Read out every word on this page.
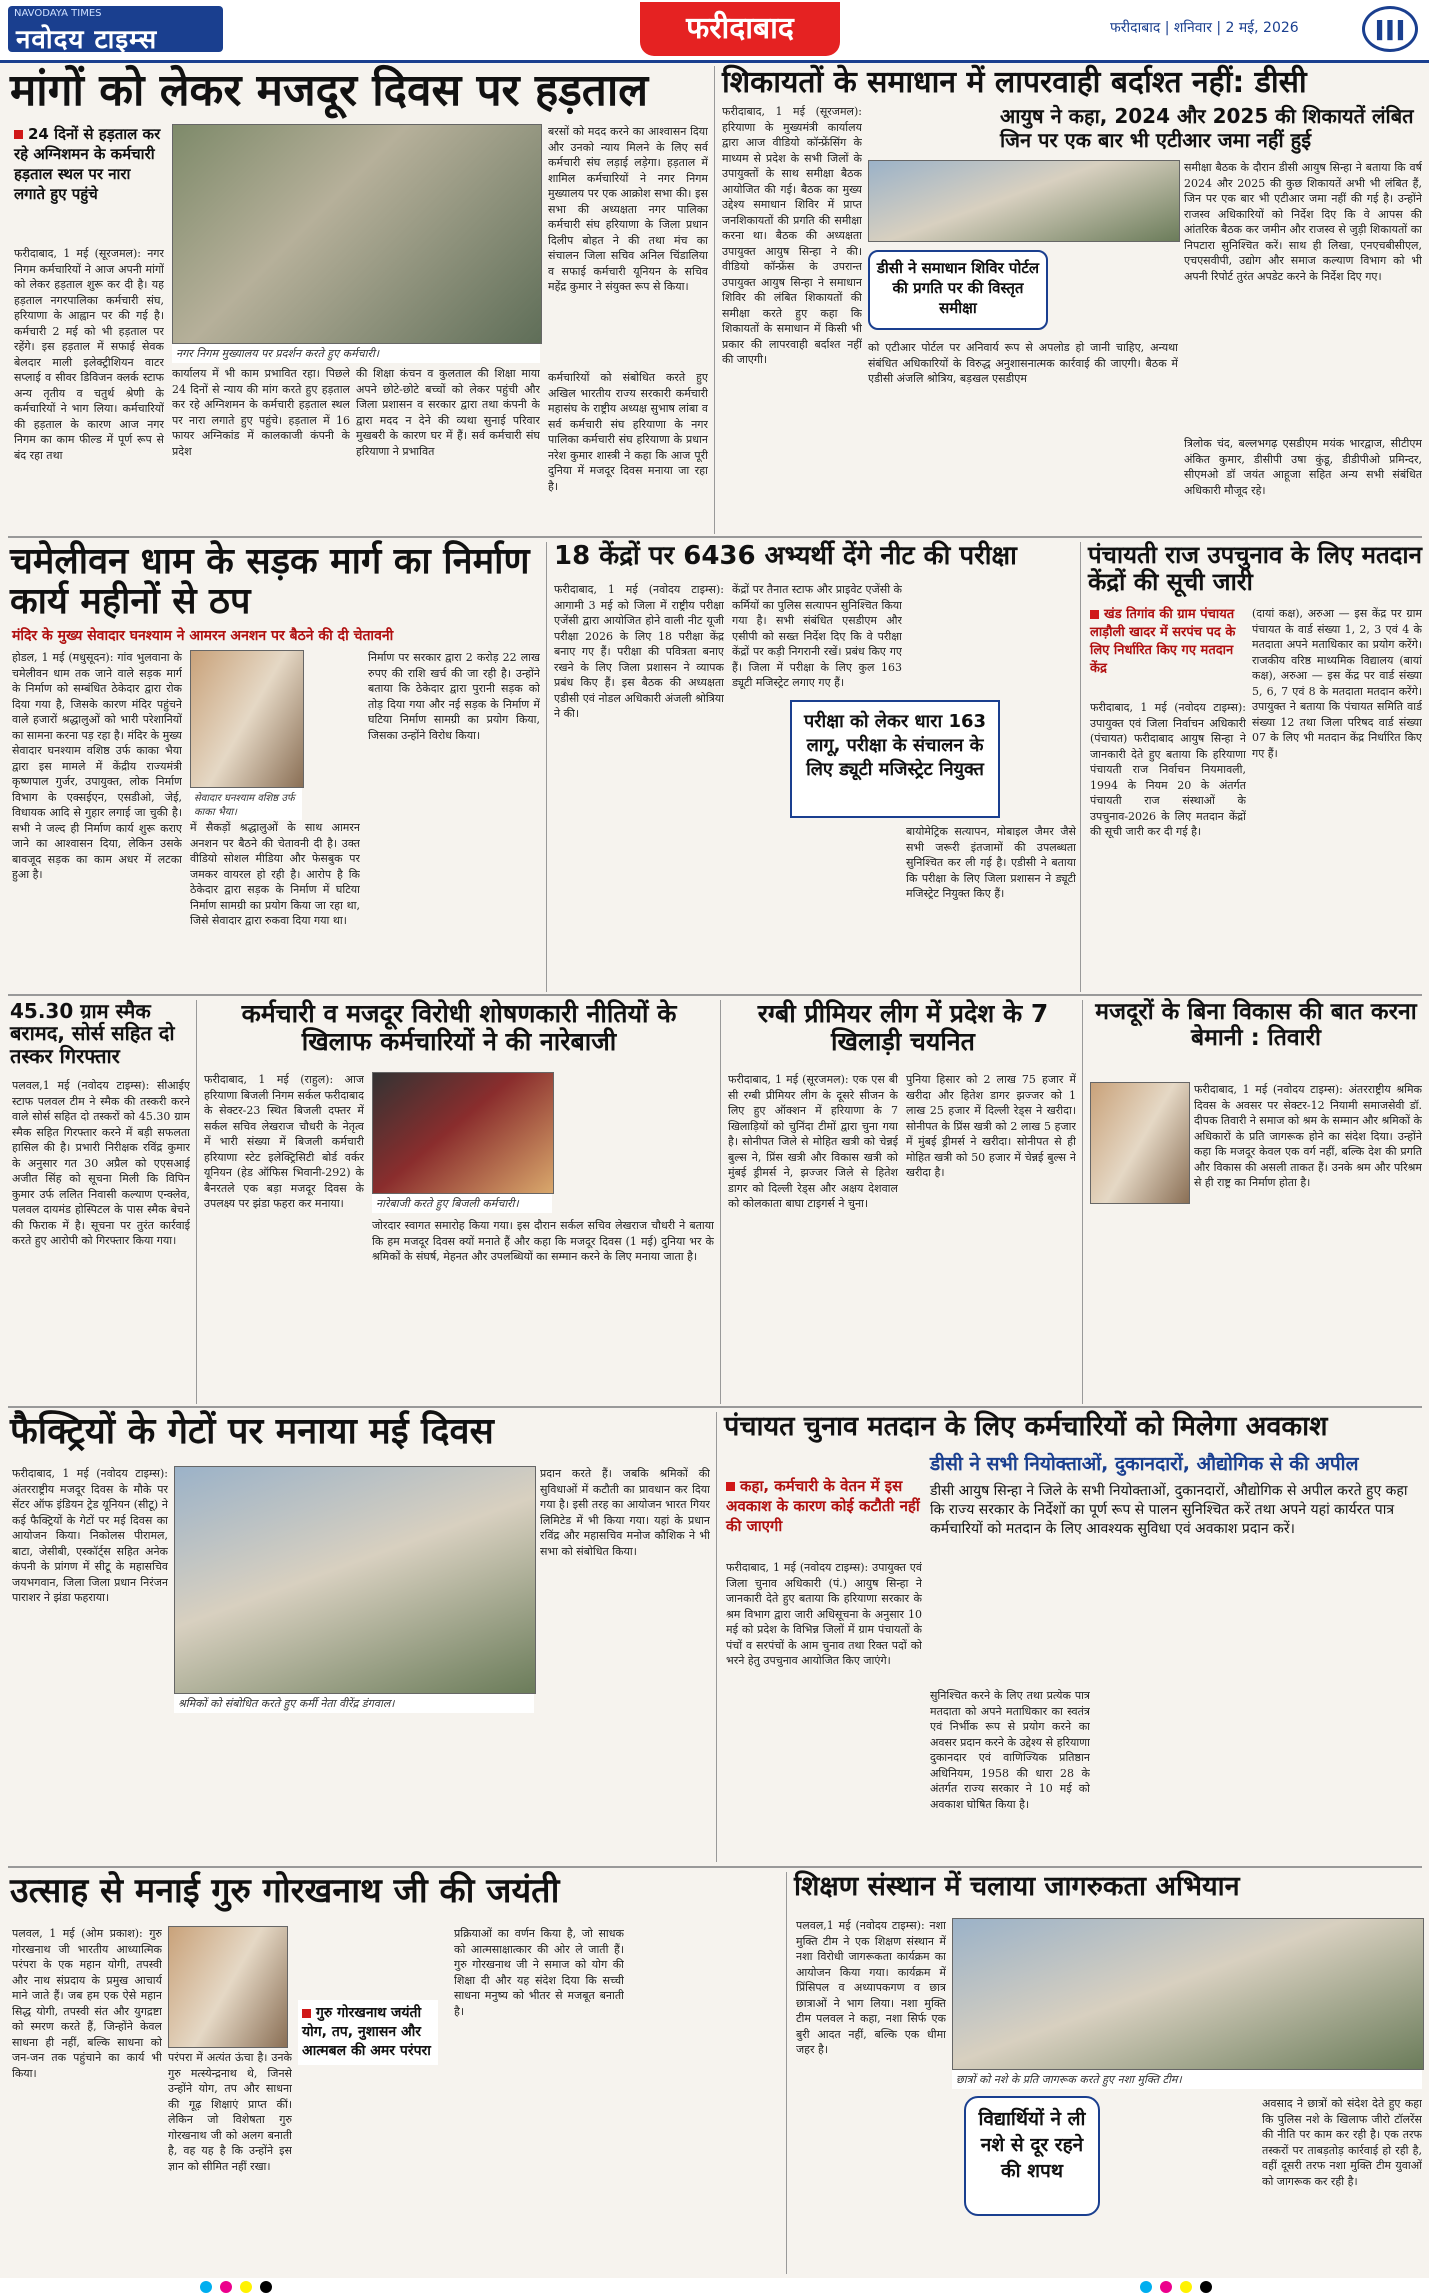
NAVODAYA TIMES
नवोदय टाइम्स	फरीदाबाद	फरीदाबाद | शनिवार | 2 मई, 2026	III
मांगों को लेकर मजदूर दिवस पर हड़ताल
24 दिनों से हड़ताल कर रहे अग्निशमन के कर्मचारी हड़ताल स्थल पर नारा लगाते हुए पहुंचे
फरीदाबाद, 1 मई (सूरजमल): नगर निगम कर्मचारियों ने आज अपनी मांगों को लेकर हड़ताल शुरू कर दी है। यह हड़ताल नगरपालिका कर्मचारी संघ, हरियाणा के आह्वान पर की गई है। कर्मचारी 2 मई को भी हड़ताल पर रहेंगे। इस हड़ताल में सफाई सेवक बेलदार माली इलेक्ट्रीशियन वाटर सप्लाई व सीवर डिविजन क्लर्क स्टाफ अन्य तृतीय व चतुर्थ श्रेणी के कर्मचारियों ने भाग लिया। कर्मचारियों की हड़ताल के कारण आज नगर निगम का काम फील्ड में पूर्ण रूप से बंद रहा तथा
नगर निगम मुख्यालय पर प्रदर्शन करते हुए कर्मचारी।
कार्यालय में भी काम प्रभावित रहा। पिछले 24 दिनों से न्याय की मांग करते हुए हड़ताल कर रहे अग्निशमन के कर्मचारी हड़ताल स्थल पर नारा लगाते हुए पहुंचे। हड़ताल में 16 फायर अग्निकांड में कालकाजी कंपनी के प्रदेश
की शिक्षा कंचन व कुलताल की शिक्षा माया अपने छोटे-छोटे बच्चों को लेकर पहुंची और जिला प्रशासन व सरकार द्वारा तथा कंपनी के द्वारा मदद न देने की व्यथा सुनाई परिवार मुखबरी के कारण घर में हैं। सर्व कर्मचारी संघ हरियाणा ने प्रभावित
बरसों को मदद करने का आश्वासन दिया और उनको न्याय मिलने के लिए सर्व कर्मचारी संघ लड़ाई लड़ेगा। हड़ताल में शामिल कर्मचारियों ने नगर निगम मुख्यालय पर एक आक्रोश सभा की। इस सभा की अध्यक्षता नगर पालिका कर्मचारी संघ हरियाणा के जिला प्रधान दिलीप बोहत ने की तथा मंच का संचालन जिला सचिव अनिल चिंडालिया व सफाई कर्मचारी यूनियन के सचिव महेंद्र कुमार ने संयुक्त रूप से किया।
कर्मचारियों को संबोधित करते हुए अखिल भारतीय राज्य सरकारी कर्मचारी महासंघ के राष्ट्रीय अध्यक्ष सुभाष लांबा व सर्व कर्मचारी संघ हरियाणा के नगर पालिका कर्मचारी संघ हरियाणा के प्रधान नरेश कुमार शास्त्री ने कहा कि आज पूरी दुनिया में मजदूर दिवस मनाया जा रहा है।
शिकायतों के समाधान में लापरवाही बर्दाश्त नहीं: डीसी
आयुष ने कहा, 2024 और 2025 की शिकायतें लंबित जिन पर एक बार भी एटीआर जमा नहीं हुई
फरीदाबाद, 1 मई (सूरजमल): हरियाणा के मुख्यमंत्री कार्यालय द्वारा आज वीडियो कॉन्फ्रेंसिंग के माध्यम से प्रदेश के सभी जिलों के उपायुक्तों के साथ समीक्षा बैठक आयोजित की गई। बैठक का मुख्य उद्देश्य समाधान शिविर में प्राप्त जनशिकायतों की प्रगति की समीक्षा करना था। बैठक की अध्यक्षता उपायुक्त आयुष सिन्हा ने की। वीडियो कॉन्फ्रेंस के उपरान्त उपायुक्त आयुष सिन्हा ने समाधान शिविर की लंबित शिकायतों की समीक्षा करते हुए कहा कि शिकायतों के समाधान में किसी भी प्रकार की लापरवाही बर्दाश्त नहीं की जाएगी।
डीसी ने समाधान शिविर पोर्टल की प्रगति पर की विस्तृत समीक्षा
समीक्षा बैठक के दौरान डीसी आयुष सिन्हा ने बताया कि वर्ष 2024 और 2025 की कुछ शिकायतें अभी भी लंबित हैं, जिन पर एक बार भी एटीआर जमा नहीं की गई है। उन्होंने राजस्व अधिकारियों को निर्देश दिए कि वे आपस की आंतरिक बैठक कर जमीन और राजस्व से जुड़ी शिकायतों का निपटारा सुनिश्चित करें। साथ ही लिखा, एनएचबीसीएल, एचएसवीपी, उद्योग और समाज कल्याण विभाग को भी अपनी रिपोर्ट तुरंत अपडेट करने के निर्देश दिए गए।
को एटीआर पोर्टल पर अनिवार्य रूप से अपलोड हो जानी चाहिए, अन्यथा संबंधित अधिकारियों के विरुद्ध अनुशासनात्मक कार्रवाई की जाएगी। बैठक में एडीसी अंजलि श्रोत्रिय, बड़खल एसडीएम
त्रिलोक चंद, बल्लभगढ़ एसडीएम मयंक भारद्वाज, सीटीएम अंकित कुमार, डीसीपी उषा कुंडू, डीडीपीओ प्रमिन्दर, सीएमओ डॉ जयंत आहूजा सहित अन्य सभी संबंधित अधिकारी मौजूद रहे।
चमेलीवन धाम के सड़क मार्ग का निर्माण कार्य महीनों से ठप
मंदिर के मुख्य सेवादार घनश्याम ने आमरन अनशन पर बैठने की दी चेतावनी
होडल, 1 मई (मधुसूदन): गांव भुलवाना के चमेलीवन धाम तक जाने वाले सड़क मार्ग के निर्माण को सम्बंधित ठेकेदार द्वारा रोक दिया गया है, जिसके कारण मंदिर पहुंचने वाले हजारों श्रद्धालुओं को भारी परेशानियों का सामना करना पड़ रहा है। मंदिर के मुख्य सेवादार घनश्याम वशिष्ठ उर्फ काका भैया द्वारा इस मामले में केंद्रीय राज्यमंत्री कृष्णपाल गुर्जर, उपायुक्त, लोक निर्माण विभाग के एक्सईएन, एसडीओ, जेई, विधायक आदि से गुहार लगाई जा चुकी है। सभी ने जल्द ही निर्माण कार्य शुरू कराए जाने का आश्वासन दिया, लेकिन उसके बावजूद सड़क का काम अधर में लटका हुआ है।
सेवादार घनश्याम वशिष्ठ उर्फ काका भैया।
में सैकड़ों श्रद्धालुओं के साथ आमरन अनशन पर बैठने की चेतावनी दी है। उक्त वीडियो सोशल मीडिया और फेसबुक पर जमकर वायरल हो रही है। आरोप है कि ठेकेदार द्वारा सड़क के निर्माण में घटिया निर्माण सामग्री का प्रयोग किया जा रहा था, जिसे सेवादार द्वारा रुकवा दिया गया था।
निर्माण पर सरकार द्वारा 2 करोड़ 22 लाख रुपए की राशि खर्च की जा रही है। उन्होंने बताया कि ठेकेदार द्वारा पुरानी सड़क को तोड़ दिया गया और नई सड़क के निर्माण में घटिया निर्माण सामग्री का प्रयोग किया, जिसका उन्होंने विरोध किया।
18 केंद्रों पर 6436 अभ्यर्थी देंगे नीट की परीक्षा
फरीदाबाद, 1 मई (नवोदय टाइम्स): आगामी 3 मई को जिला में राष्ट्रीय परीक्षा एजेंसी द्वारा आयोजित होने वाली नीट यूजी परीक्षा 2026 के लिए 18 परीक्षा केंद्र बनाए गए हैं। परीक्षा की पवित्रता बनाए रखने के लिए जिला प्रशासन ने व्यापक प्रबंध किए हैं। इस बैठक की अध्यक्षता एडीसी एवं नोडल अधिकारी अंजली श्रोत्रिया ने की।	परीक्षा को लेकर धारा 163 लागू, परीक्षा के संचालन के लिए ड्यूटी मजिस्ट्रेट नियुक्त
केंद्रों पर तैनात स्टाफ और प्राइवेट एजेंसी के कर्मियों का पुलिस सत्यापन सुनिश्चित किया गया है। सभी संबंधित एसडीएम और एसीपी को सख्त निर्देश दिए कि वे परीक्षा केंद्रों पर कड़ी निगरानी रखें। प्रबंध किए गए हैं। जिला में परीक्षा के लिए कुल 163 ड्यूटी मजिस्ट्रेट लगाए गए हैं।
बायोमेट्रिक सत्यापन, मोबाइल जैमर जैसे सभी जरूरी इंतजामों की उपलब्धता सुनिश्चित कर ली गई है। एडीसी ने बताया कि परीक्षा के लिए जिला प्रशासन ने ड्यूटी मजिस्ट्रेट नियुक्त किए हैं।
पंचायती राज उपचुनाव के लिए मतदान केंद्रों की सूची जारी
खंड तिगांव की ग्राम पंचायत लाड़ौली खादर में सरपंच पद के लिए निर्धारित किए गए मतदान केंद्र
फरीदाबाद, 1 मई (नवोदय टाइम्स): उपायुक्त एवं जिला निर्वाचन अधिकारी (पंचायत) फरीदाबाद आयुष सिन्हा ने जानकारी देते हुए बताया कि हरियाणा पंचायती राज निर्वाचन नियमावली, 1994 के नियम 20 के अंतर्गत पंचायती राज संस्थाओं के उपचुनाव-2026 के लिए मतदान केंद्रों की सूची जारी कर दी गई है।
(दायां कक्ष), अरुआ — इस केंद्र पर ग्राम पंचायत के वार्ड संख्या 1, 2, 3 एवं 4 के मतदाता अपने मताधिकार का प्रयोग करेंगे। राजकीय वरिष्ठ माध्यमिक विद्यालय (बायां कक्ष), अरुआ — इस केंद्र पर वार्ड संख्या 5, 6, 7 एवं 8 के मतदाता मतदान करेंगे। उपायुक्त ने बताया कि पंचायत समिति वार्ड संख्या 12 तथा जिला परिषद वार्ड संख्या 07 के लिए भी मतदान केंद्र निर्धारित किए गए हैं।
45.30 ग्राम स्मैक बरामद, सोर्स सहित दो तस्कर गिरफ्तार
पलवल,1 मई (नवोदय टाइम्स): सीआईए स्टाफ पलवल टीम ने स्मैक की तस्करी करने वाले सोर्स सहित दो तस्करों को 45.30 ग्राम स्मैक सहित गिरफ्तार करने में बड़ी सफलता हासिल की है। प्रभारी निरीक्षक रविंद्र कुमार के अनुसार गत 30 अप्रैल को एएसआई अजीत सिंह को सूचना मिली कि विपिन कुमार उर्फ ललित निवासी कल्याण एन्क्लेव, पलवल दायमंड होस्पिटल के पास स्मैक बेचने की फिराक में है। सूचना पर तुरंत कार्रवाई करते हुए आरोपी को गिरफ्तार किया गया।
कर्मचारी व मजदूर विरोधी शोषणकारी नीतियों के खिलाफ कर्मचारियों ने की नारेबाजी
फरीदाबाद, 1 मई (राहुल): आज हरियाणा बिजली निगम सर्कल फरीदाबाद के सेक्टर-23 स्थित बिजली दफ्तर में सर्कल सचिव लेखराज चौधरी के नेतृत्व में भारी संख्या में बिजली कर्मचारी हरियाणा स्टेट इलेक्ट्रिसिटी बोर्ड वर्कर यूनियन (हेड ऑफिस भिवानी-292) के बैनरतले एक बड़ा मजदूर दिवस के उपलक्ष्य पर झंडा फहरा कर मनाया।	नारेबाजी करते हुए बिजली कर्मचारी।
जोरदार स्वागत समारोह किया गया। इस दौरान सर्कल सचिव लेखराज चौधरी ने बताया कि हम मजदूर दिवस क्यों मनाते हैं और कहा कि मजदूर दिवस (1 मई) दुनिया भर के श्रमिकों के संघर्ष, मेहनत और उपलब्धियों का सम्मान करने के लिए मनाया जाता है।
रग्बी प्रीमियर लीग में प्रदेश के 7 खिलाड़ी चयनित
फरीदाबाद, 1 मई (सूरजमल): एक एस बी सी रग्बी प्रीमियर लीग के दूसरे सीजन के लिए हुए ऑक्शन में हरियाणा के 7 खिलाड़ियों को चुनिंदा टीमों द्वारा चुना गया है। सोनीपत जिले से मोहित खत्री को चेन्नई बुल्स ने, प्रिंस खत्री और विकास खत्री को मुंबई ड्रीमर्स ने, झज्जर जिले से हितेश डागर को दिल्ली रेड्स और अक्षय देशवाल को कोलकाता बाघा टाइगर्स ने चुना।
पुनिया हिसार को 2 लाख 75 हजार में खरीदा और हितेश डागर झज्जर को 1 लाख 25 हजार में दिल्ली रेड्स ने खरीदा। सोनीपत के प्रिंस खत्री को 2 लाख 5 हजार में मुंबई ड्रीमर्स ने खरीदा। सोनीपत से ही मोहित खत्री को 50 हजार में चेन्नई बुल्स ने खरीदा है।
मजदूरों के बिना विकास की बात करना बेमानी : तिवारी
फरीदाबाद, 1 मई (नवोदय टाइम्स): अंतरराष्ट्रीय श्रमिक दिवस के अवसर पर सेक्टर-12 नियामी समाजसेवी डॉ. दीपक तिवारी ने समाज को श्रम के सम्मान और श्रमिकों के अधिकारों के प्रति जागरूक होने का संदेश दिया। उन्होंने कहा कि मजदूर केवल एक वर्ग नहीं, बल्कि देश की प्रगति और विकास की असली ताकत हैं। उनके श्रम और परिश्रम से ही राष्ट्र का निर्माण होता है।
फैक्ट्रियों के गेटों पर मनाया मई दिवस
फरीदाबाद, 1 मई (नवोदय टाइम्स): अंतरराष्ट्रीय मजदूर दिवस के मौके पर सेंटर ऑफ इंडियन ट्रेड यूनियन (सीटू) ने कई फैक्ट्रियों के गेटों पर मई दिवस का आयोजन किया। निकोलस पीरामल, बाटा, जेसीबी, एस्कॉर्ट्स सहित अनेक कंपनी के प्रांगण में सीटू के महासचिव जयभगवान, जिला जिला प्रधान निरंजन पाराशर ने झंडा फहराया।
श्रमिकों को संबोधित करते हुए कर्मी नेता वीरेंद्र डंगवाल।
प्रदान करते हैं। जबकि श्रमिकों की सुविधाओं में कटौती का प्रावधान कर दिया गया है। इसी तरह का आयोजन भारत गियर लिमिटेड में भी किया गया। यहां के प्रधान रविंद्र और महासचिव मनोज कौशिक ने भी सभा को संबोधित किया।
पंचायत चुनाव मतदान के लिए कर्मचारियों को मिलेगा अवकाश
डीसी ने सभी नियोक्ताओं, दुकानदारों, औद्योगिक से की अपील
कहा, कर्मचारी के वेतन में इस अवकाश के कारण कोई कटौती नहीं की जाएगी
डीसी आयुष सिन्हा ने जिले के सभी नियोक्ताओं, दुकानदारों, औद्योगिक से अपील करते हुए कहा कि राज्य सरकार के निर्देशों का पूर्ण रूप से पालन सुनिश्चित करें तथा अपने यहां कार्यरत पात्र कर्मचारियों को मतदान के लिए आवश्यक सुविधा एवं अवकाश प्रदान करें।
फरीदाबाद, 1 मई (नवोदय टाइम्स): उपायुक्त एवं जिला चुनाव अधिकारी (पं.) आयुष सिन्हा ने जानकारी देते हुए बताया कि हरियाणा सरकार के श्रम विभाग द्वारा जारी अधिसूचना के अनुसार 10 मई को प्रदेश के विभिन्न जिलों में ग्राम पंचायतों के पंचों व सरपंचों के आम चुनाव तथा रिक्त पदों को भरने हेतु उपचुनाव आयोजित किए जाएंगे।
सुनिश्चित करने के लिए तथा प्रत्येक पात्र मतदाता को अपने मताधिकार का स्वतंत्र एवं निर्भीक रूप से प्रयोग करने का अवसर प्रदान करने के उद्देश्य से हरियाणा दुकानदार एवं वाणिज्यिक प्रतिष्ठान अधिनियम, 1958 की धारा 28 के अंतर्गत राज्य सरकार ने 10 मई को अवकाश घोषित किया है।
उत्साह से मनाई गुरु गोरखनाथ जी की जयंती
पलवल, 1 मई (ओम प्रकाश): गुरु गोरखनाथ जी भारतीय आध्यात्मिक परंपरा के एक महान योगी, तपस्वी और नाथ संप्रदाय के प्रमुख आचार्य माने जाते हैं। जब हम एक ऐसे महान सिद्ध योगी, तपस्वी संत और युगद्रष्टा को स्मरण करते हैं, जिन्होंने केवल साधना ही नहीं, बल्कि साधना को जन-जन तक पहुंचाने का कार्य भी किया।
गुरु गोरखनाथ जयंती योग, तप, नुशासन और आत्मबल की अमर परंपरा
परंपरा में अत्यंत ऊंचा है। उनके गुरु मत्स्येन्द्रनाथ थे, जिनसे उन्होंने योग, तप और साधना की गूढ़ शिक्षाएं प्राप्त कीं। लेकिन जो विशेषता गुरु गोरखनाथ जी को अलग बनाती है, वह यह है कि उन्होंने इस ज्ञान को सीमित नहीं रखा।
प्रक्रियाओं का वर्णन किया है, जो साधक को आत्मसाक्षात्कार की ओर ले जाती हैं। गुरु गोरखनाथ जी ने समाज को योग की शिक्षा दी और यह संदेश दिया कि सच्ची साधना मनुष्य को भीतर से मजबूत बनाती है।
शिक्षण संस्थान में चलाया जागरुकता अभियान
पलवल,1 मई (नवोदय टाइम्स): नशा मुक्ति टीम ने एक शिक्षण संस्थान में नशा विरोधी जागरूकता कार्यक्रम का आयोजन किया गया। कार्यक्रम में प्रिंसिपल व अध्यापकगण व छात्र छात्राओं ने भाग लिया। नशा मुक्ति टीम पलवल ने कहा, नशा सिर्फ एक बुरी आदत नहीं, बल्कि एक धीमा जहर है।
छात्रों को नशे के प्रति जागरूक करते हुए नशा मुक्ति टीम।
विद्यार्थियों ने ली नशे से दूर रहने की शपथ
अवसाद ने छात्रों को संदेश देते हुए कहा कि पुलिस नशे के खिलाफ जीरो टॉलरेंस की नीति पर काम कर रही है। एक तरफ तस्करों पर ताबड़तोड़ कार्रवाई हो रही है, वहीं दूसरी तरफ नशा मुक्ति टीम युवाओं को जागरूक कर रही है।
